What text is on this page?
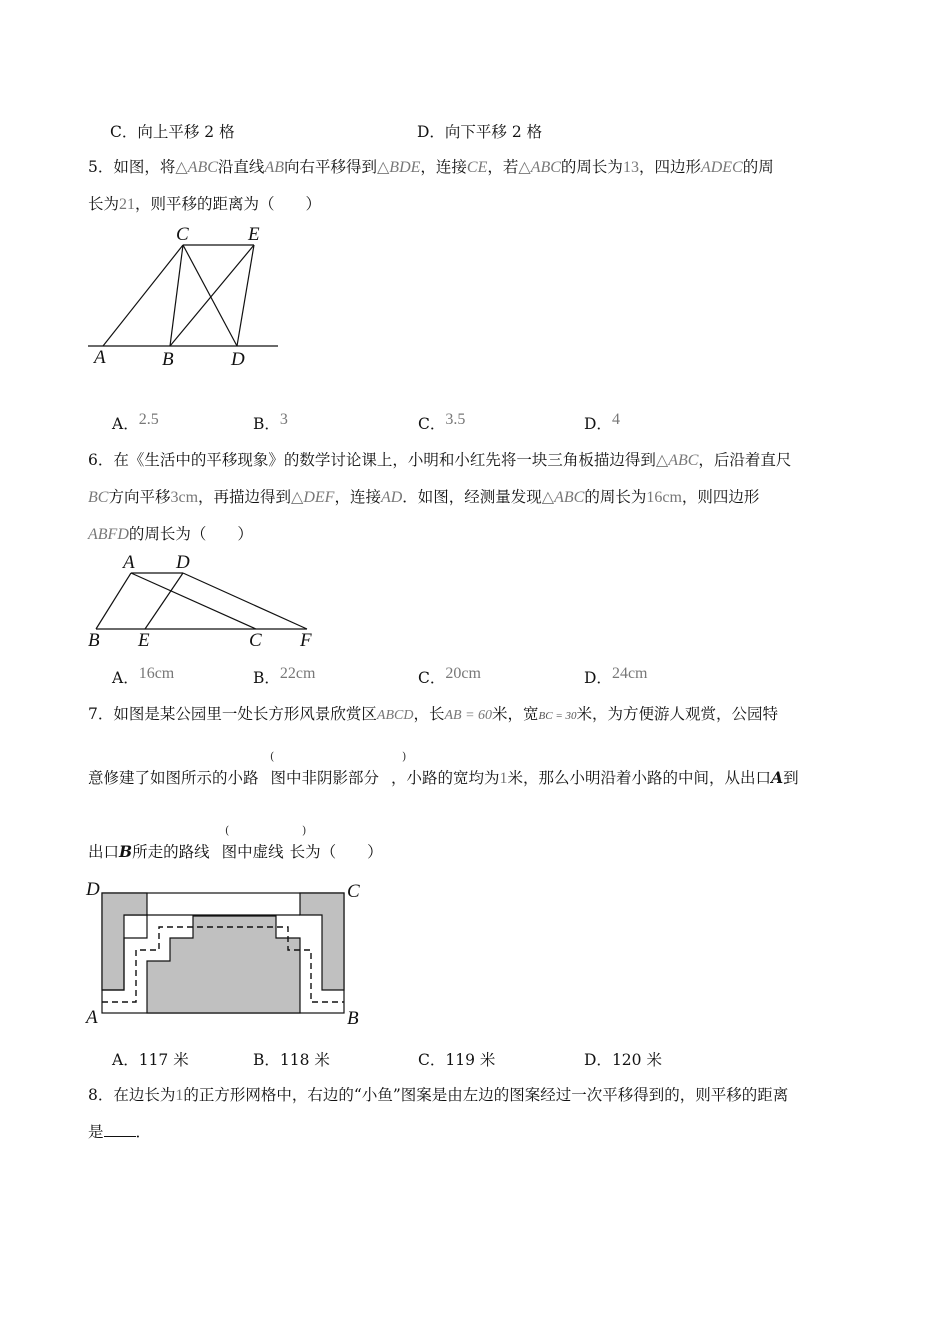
C．向上平移 2 格	D．向下平移 2 格
5．如图，将△ABC沿直线AB向右平移得到△BDE，连接CE，若△ABC的周长为13，四边形ADEC的周
长为21，则平移的距离为（　　）
C	E
A	B	D
A．2.5	B．3	C．3.5	D．4
6．在《生活中的平移现象》的数学讨论课上，小明和小红先将一块三角板描边得到△ABC，后沿着直尺
BC方向平移3cm，再描边得到△DEF，连接AD．如图，经测量发现△ABC的周长为16cm，则四边形
ABFD的周长为（　　）
A D
B E	C F
A．16cm	B．22cm	C．20cm	D．24cm
7．如图是某公园里一处长方形风景欣赏区ABCD，长AB = 60米，宽BC = 30米，为方便游人观赏，公园特
(	)
意修建了如图所示的小路 图中非阴影部分 ，小路的宽均为1米，那么小明沿着小路的中间，从出口A到
(	)
出口B所走的路线 图中虚线 长为（　　）
D	C
A	B
A．117 米	B．118 米	C．119 米	D．120 米
8．在边长为1的正方形网格中，右边的“小鱼”图案是由左边的图案经过一次平移得到的，则平移的距离
是 ．
